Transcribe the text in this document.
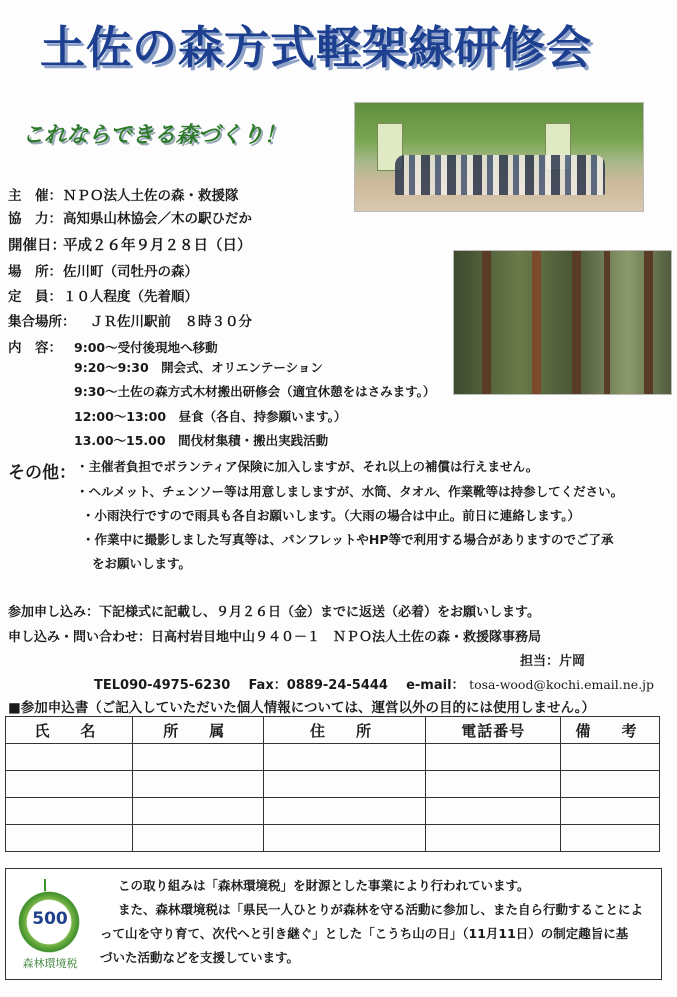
土佐の森方式軽架線研修会
これならできる森づくり！
主　催：ＮＰＯ法人土佐の森・救援隊
協　力：高知県山林協会／木の駅ひだか
開催日：平成２６年９月２８日（日）
場　所：佐川町（司牡丹の森）
定　員：１０人程度（先着順）
集合場所： ＪＲ佐川駅前　８時３０分
内　容： 9:00～受付後現地へ移動
9:20～9:30　開会式、オリエンテーション
9:30～土佐の森方式木材搬出研修会（適宜休憩をはさみます。）
12:00～13:00　昼食（各自、持参願います。）
13.00～15.00　間伐材集積・搬出実践活動
その他： ・主催者負担でボランティア保険に加入しますが、それ以上の補償は行えません。
・ヘルメット、チェンソー等は用意しましますが、水筒、タオル、作業靴等は持参してください。
・小雨決行ですので雨具も各自お願いします。（大雨の場合は中止。前日に連絡します。）
・作業中に撮影しました写真等は、パンフレットやHP等で利用する場合がありますのでご了承
をお願いします。
参加申し込み：下記様式に記載し、９月２６日（金）までに返送（必着）をお願いします。
申し込み・問い合わせ：日高村岩目地中山９４０－１　ＮＰＯ法人土佐の森・救援隊事務局
担当：片岡
TEL090-4975-6230 Fax：0889-24-5444 e-mail： tosa-wood@kochi.email.ne.jp
■参加申込書（ご記入していただいた個人情報については、運営以外の目的には使用しません。）
氏　名	所　属	住　所	電話番号	備　考

500
森林環境税
この取り組みは「森林環境税」を財源とした事業により行われています。
また、森林環境税は「県民一人ひとりが森林を守る活動に参加し、また自ら行動することによ
って山を守り育て、次代へと引き継ぐ」とした「こうち山の日」（11月11日）の制定趣旨に基
づいた活動などを支援しています。
